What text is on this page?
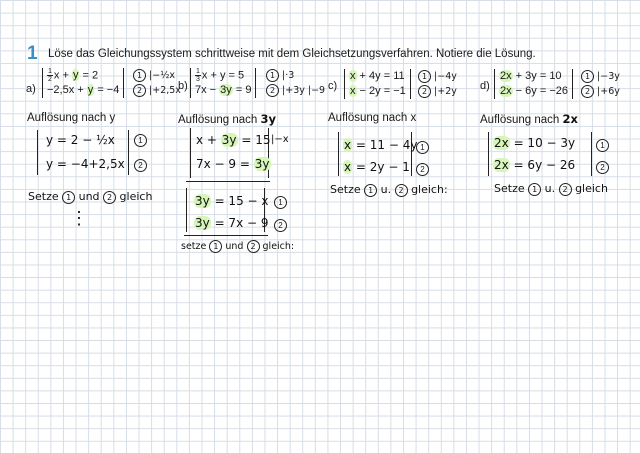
1 Löse das Gleichungssystem schrittweise mit dem Gleichsetzungsverfahren. Notiere die Lösung.
a)
$\frac{1}{2}$ x + y = 2
−2,5x + y = −4
1 |−½x
2 |+2,5x
b)
$\frac{1}{3}$ x + y = 5
7x − 3y = 9
1 |·3
2 |+3y |−9 c)
x + 4y = 11
x − 2y = −1
1 |−4y
2 |+2y d)
2x + 3y = 10
2x − 6y = −26
1 |−3y
2 |+6y
Auflösung nach y
y = 2 − ½x
y = −4+2,5x
1
2
Setze 1 und 2 gleich
⋮
Auflösung nach 3y
x + 3y = 15 |−x
7x − 9 = 3y
3y = 15 − x
3y = 7x − 9
1
2
setze 1 und 2 gleich:
Auflösung nach x
x = 11 − 4y
x = 2y − 1
1
2
Setze 1 u. 2 gleich:
Auflösung nach 2x
2x = 10 − 3y
2x = 6y − 26
1
2
Setze 1 u. 2 gleich
